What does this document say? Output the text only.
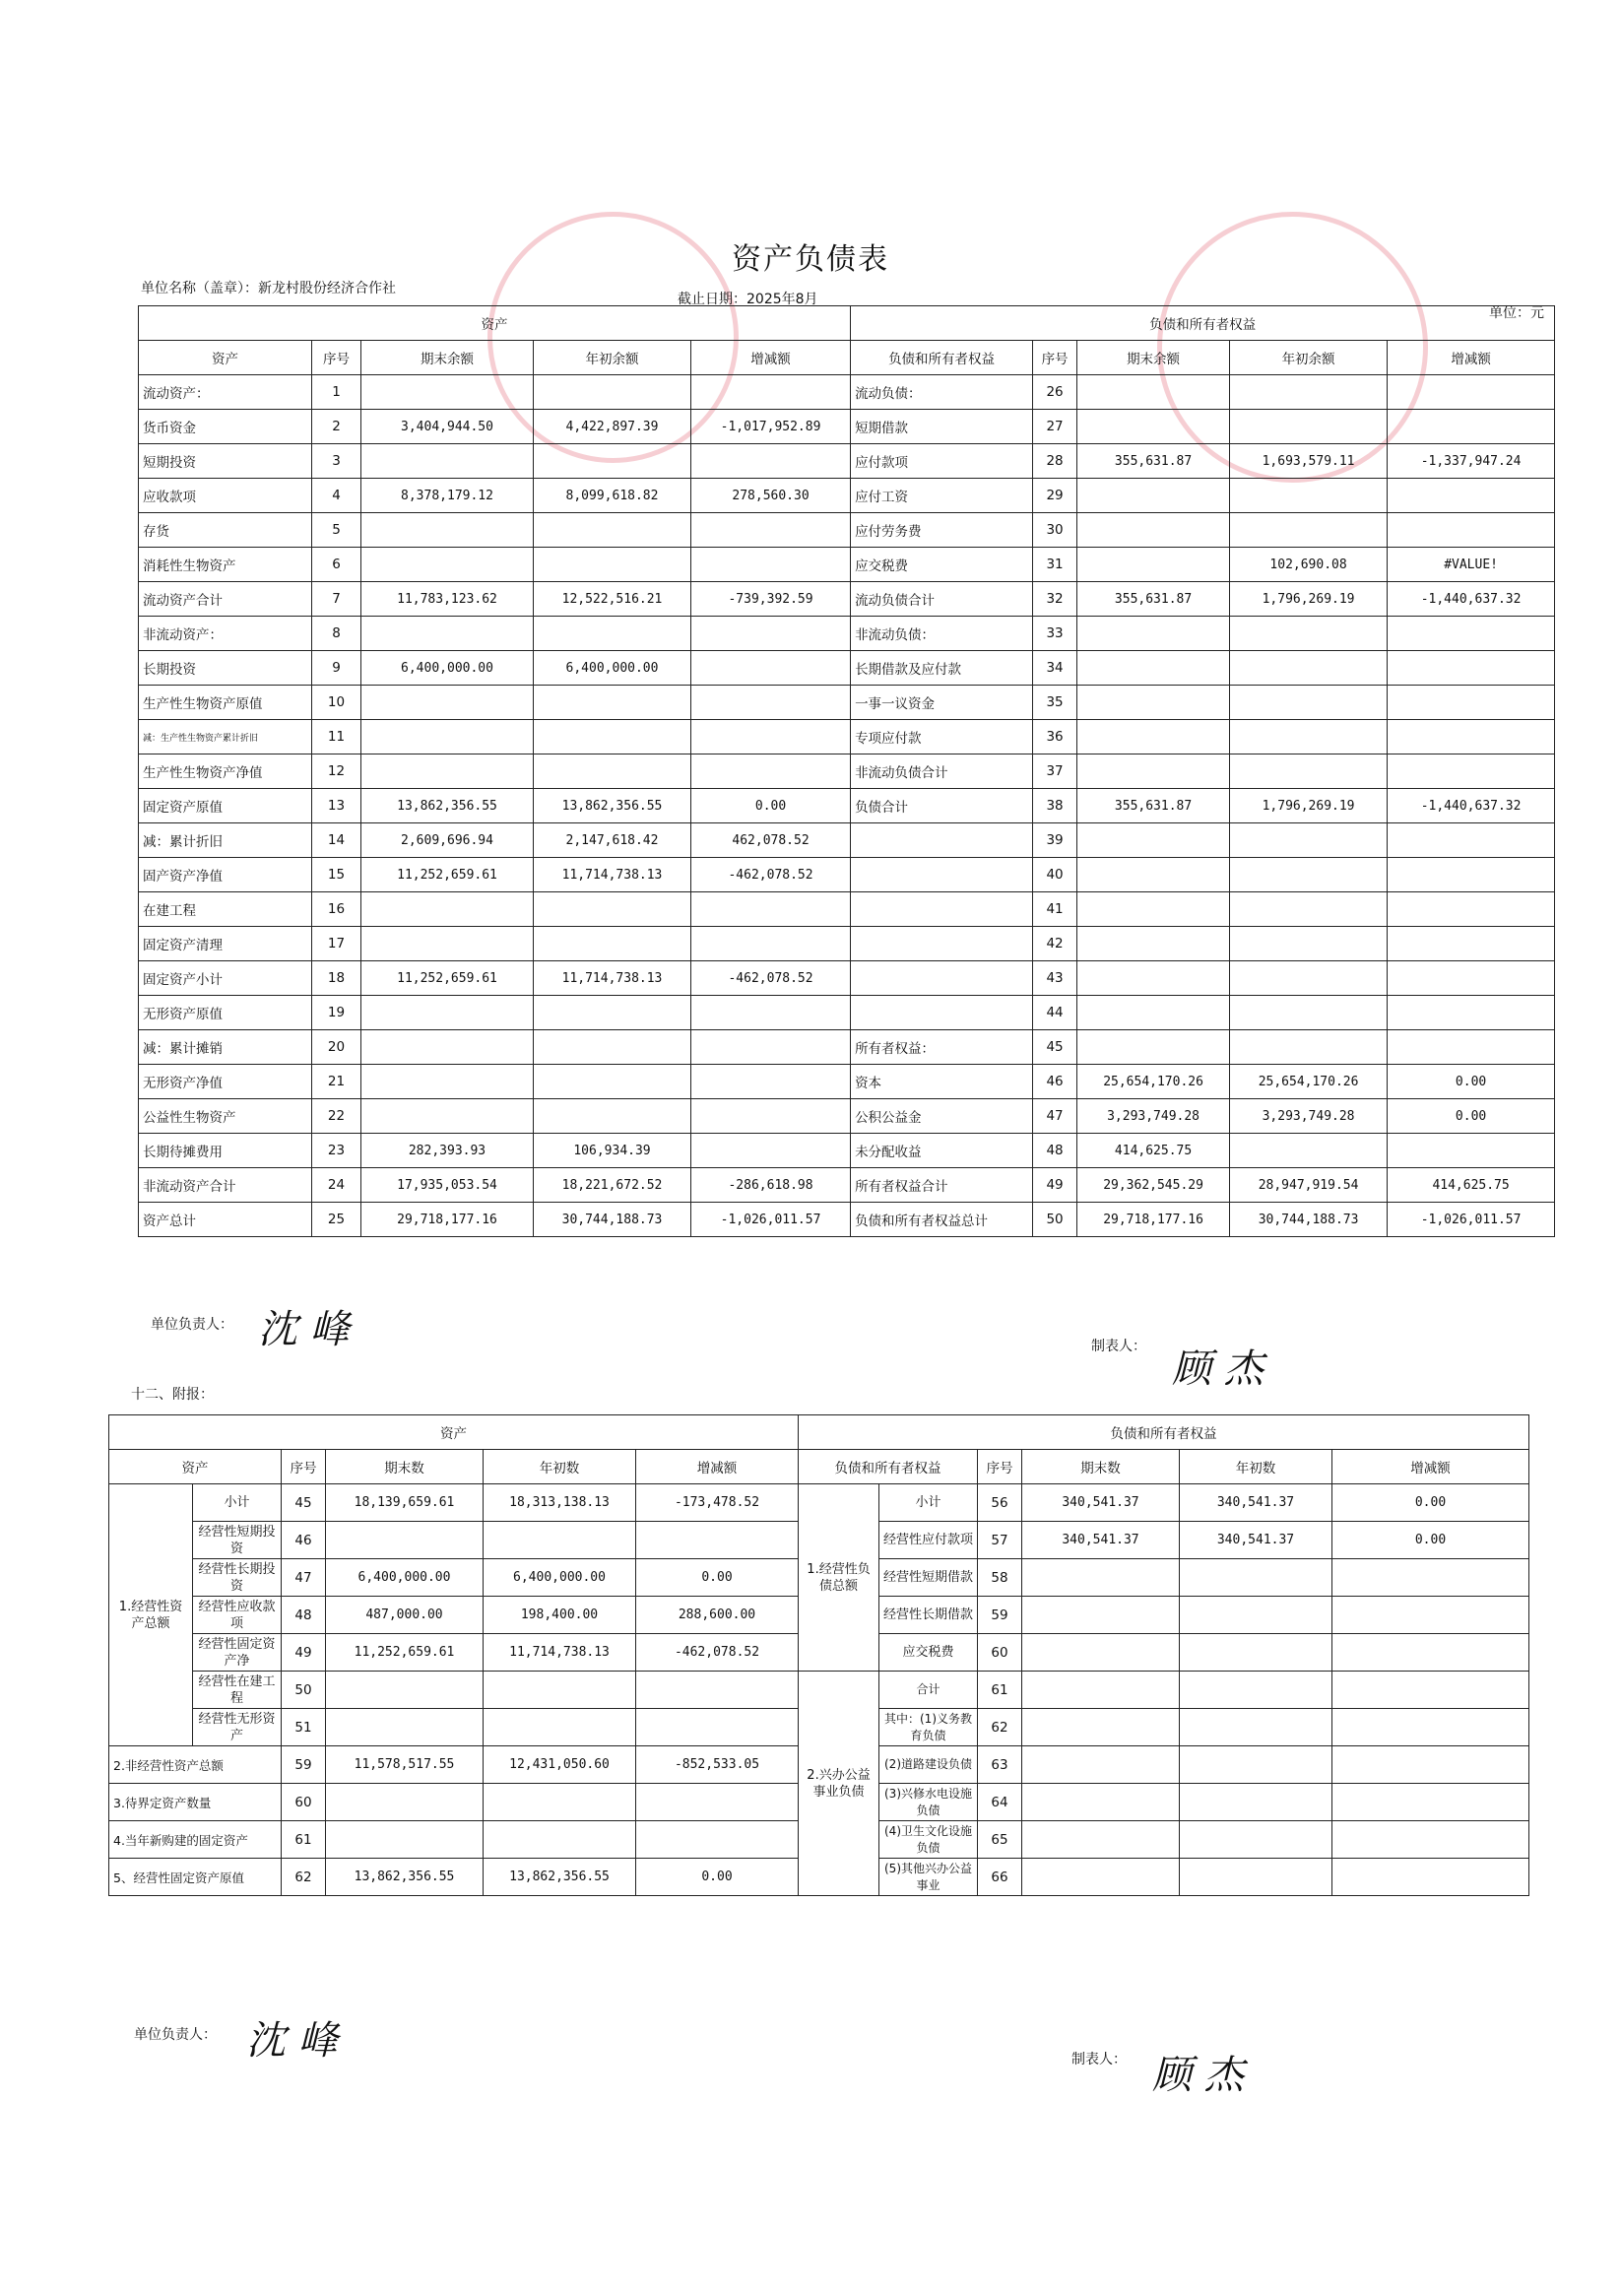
资产负债表
单位名称（盖章）：新龙村股份经济合作社
截止日期：2025年8月
单位：元
资产					负债和所有者权益				
资产	序号	期末余额	年初余额	增减额	负债和所有者权益	序号	期末余额	年初余额	增减额
流动资产：	1				流动负债：	26			
货币资金	2	3,404,944.50	4,422,897.39	-1,017,952.89	短期借款	27			
短期投资	3				应付款项	28	355,631.87	1,693,579.11	-1,337,947.24
应收款项	4	8,378,179.12	8,099,618.82	278,560.30	应付工资	29			
存货	5				应付劳务费	30			
消耗性生物资产	6				应交税费	31		102,690.08	#VALUE!
流动资产合计	7	11,783,123.62	12,522,516.21	-739,392.59	流动负债合计	32	355,631.87	1,796,269.19	-1,440,637.32
非流动资产：	8				非流动负债：	33			
长期投资	9	6,400,000.00	6,400,000.00		长期借款及应付款	34			
生产性生物资产原值	10				一事一议资金	35			
减：生产性生物资产累计折旧	11				专项应付款	36			
生产性生物资产净值	12				非流动负债合计	37			
固定资产原值	13	13,862,356.55	13,862,356.55	0.00	负债合计	38	355,631.87	1,796,269.19	-1,440,637.32
减：累计折旧	14	2,609,696.94	2,147,618.42	462,078.52		39			
固产资产净值	15	11,252,659.61	11,714,738.13	-462,078.52		40			
在建工程	16					41			
固定资产清理	17					42			
固定资产小计	18	11,252,659.61	11,714,738.13	-462,078.52		43			
无形资产原值	19					44			
减：累计摊销	20				所有者权益：	45			
无形资产净值	21				资本	46	25,654,170.26	25,654,170.26	0.00
公益性生物资产	22				公积公益金	47	3,293,749.28	3,293,749.28	0.00
长期待摊费用	23	282,393.93	106,934.39		未分配收益	48	414,625.75		
非流动资产合计	24	17,935,053.54	18,221,672.52	-286,618.98	所有者权益合计	49	29,362,545.29	28,947,919.54	414,625.75
资产总计	25	29,718,177.16	30,744,188.73	-1,026,011.57	负债和所有者权益总计	50	29,718,177.16	30,744,188.73	-1,026,011.57
单位负责人： 沈 峰	制表人： 顾 杰
十二、附报：
资产						负债和所有者权益					
资产		序号	期末数	年初数	增减额	负债和所有者权益		序号	期末数	年初数	增减额
1.经营性资产总额	小计	45	18,139,659.61	18,313,138.13	-173,478.52	1.经营性负债总额	小计	56	340,541.37	340,541.37	0.00
	经营性短期投资	46					经营性应付款项	57	340,541.37	340,541.37	0.00
	经营性长期投资	47	6,400,000.00	6,400,000.00	0.00		经营性短期借款	58			
	经营性应收款项	48	487,000.00	198,400.00	288,600.00		经营性长期借款	59			
	经营性固定资产净	49	11,252,659.61	11,714,738.13	-462,078.52		应交税费	60			
	经营性在建工程	50				2.兴办公益事业负债	合计	61			
	经营性无形资产	51					其中：(1)义务教育负债	62			
2.非经营性资产总额		59	11,578,517.55	12,431,050.60	-852,533.05		(2)道路建设负债	63			
3.待界定资产数量		60					(3)兴修水电设施负债	64			
4.当年新购建的固定资产		61					(4)卫生文化设施负债	65			
5、经营性固定资产原值		62	13,862,356.55	13,862,356.55	0.00		(5)其他兴办公益事业	66			
单位负责人： 沈 峰	制表人： 顾 杰
